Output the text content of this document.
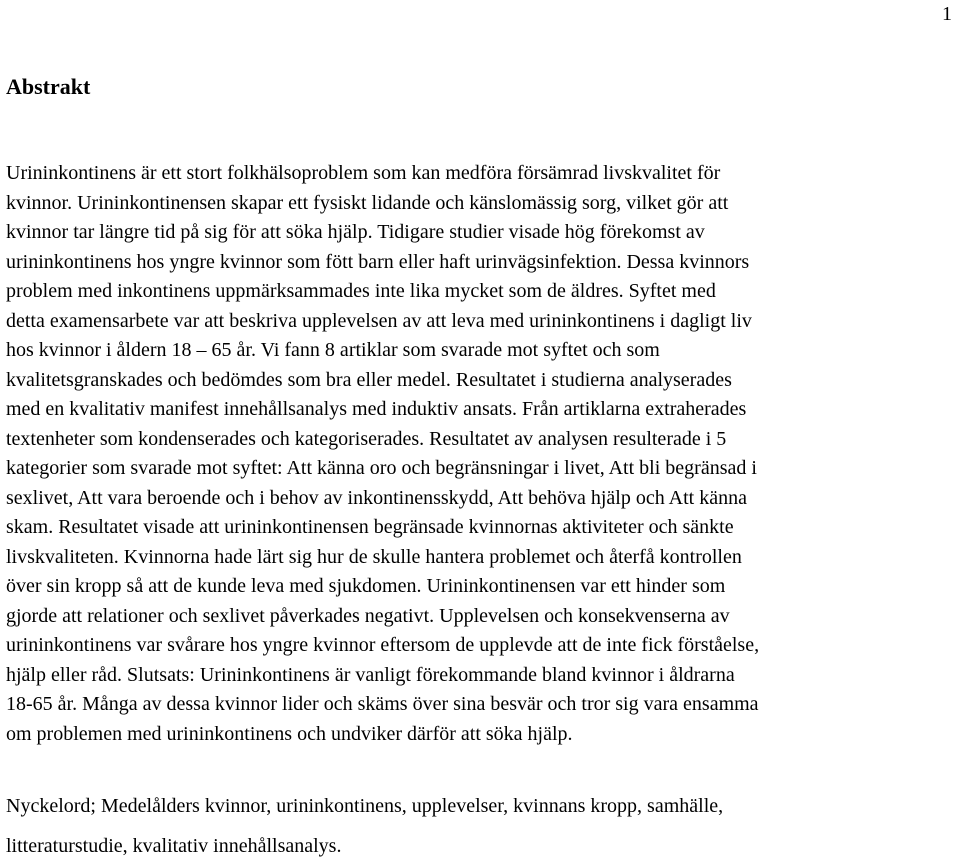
1
Abstrakt

Urininkontinens är ett stort folkhälsoproblem som kan medföra försämrad livskvalitet för
kvinnor. Urininkontinensen skapar ett fysiskt lidande och känslomässig sorg, vilket gör att
kvinnor tar längre tid på sig för att söka hjälp. Tidigare studier visade hög förekomst av
urininkontinens hos yngre kvinnor som fött barn eller haft urinvägsinfektion. Dessa kvinnors
problem med inkontinens uppmärksammades inte lika mycket som de äldres. Syftet med
detta examensarbete var att beskriva upplevelsen av att leva med urininkontinens i dagligt liv
hos kvinnor i åldern 18 – 65 år. Vi fann 8 artiklar som svarade mot syftet och som
kvalitetsgranskades och bedömdes som bra eller medel. Resultatet i studierna analyserades
med en kvalitativ manifest innehållsanalys med induktiv ansats. Från artiklarna extraherades
textenheter som kondenserades och kategoriserades. Resultatet av analysen resulterade i 5
kategorier som svarade mot syftet: Att känna oro och begränsningar i livet, Att bli begränsad i
sexlivet, Att vara beroende och i behov av inkontinensskydd, Att behöva hjälp och Att känna
skam. Resultatet visade att urininkontinensen begränsade kvinnornas aktiviteter och sänkte
livskvaliteten. Kvinnorna hade lärt sig hur de skulle hantera problemet och återfå kontrollen
över sin kropp så att de kunde leva med sjukdomen. Urininkontinensen var ett hinder som
gjorde att relationer och sexlivet påverkades negativt. Upplevelsen och konsekvenserna av
urininkontinens var svårare hos yngre kvinnor eftersom de upplevde att de inte fick förståelse,
hjälp eller råd. Slutsats: Urininkontinens är vanligt förekommande bland kvinnor i åldrarna
18-65 år. Många av dessa kvinnor lider och skäms över sina besvär och tror sig vara ensamma
om problemen med urininkontinens och undviker därför att söka hjälp.

Nyckelord; Medelålders kvinnor, urininkontinens, upplevelser, kvinnans kropp, samhälle,
litteraturstudie, kvalitativ innehållsanalys.
